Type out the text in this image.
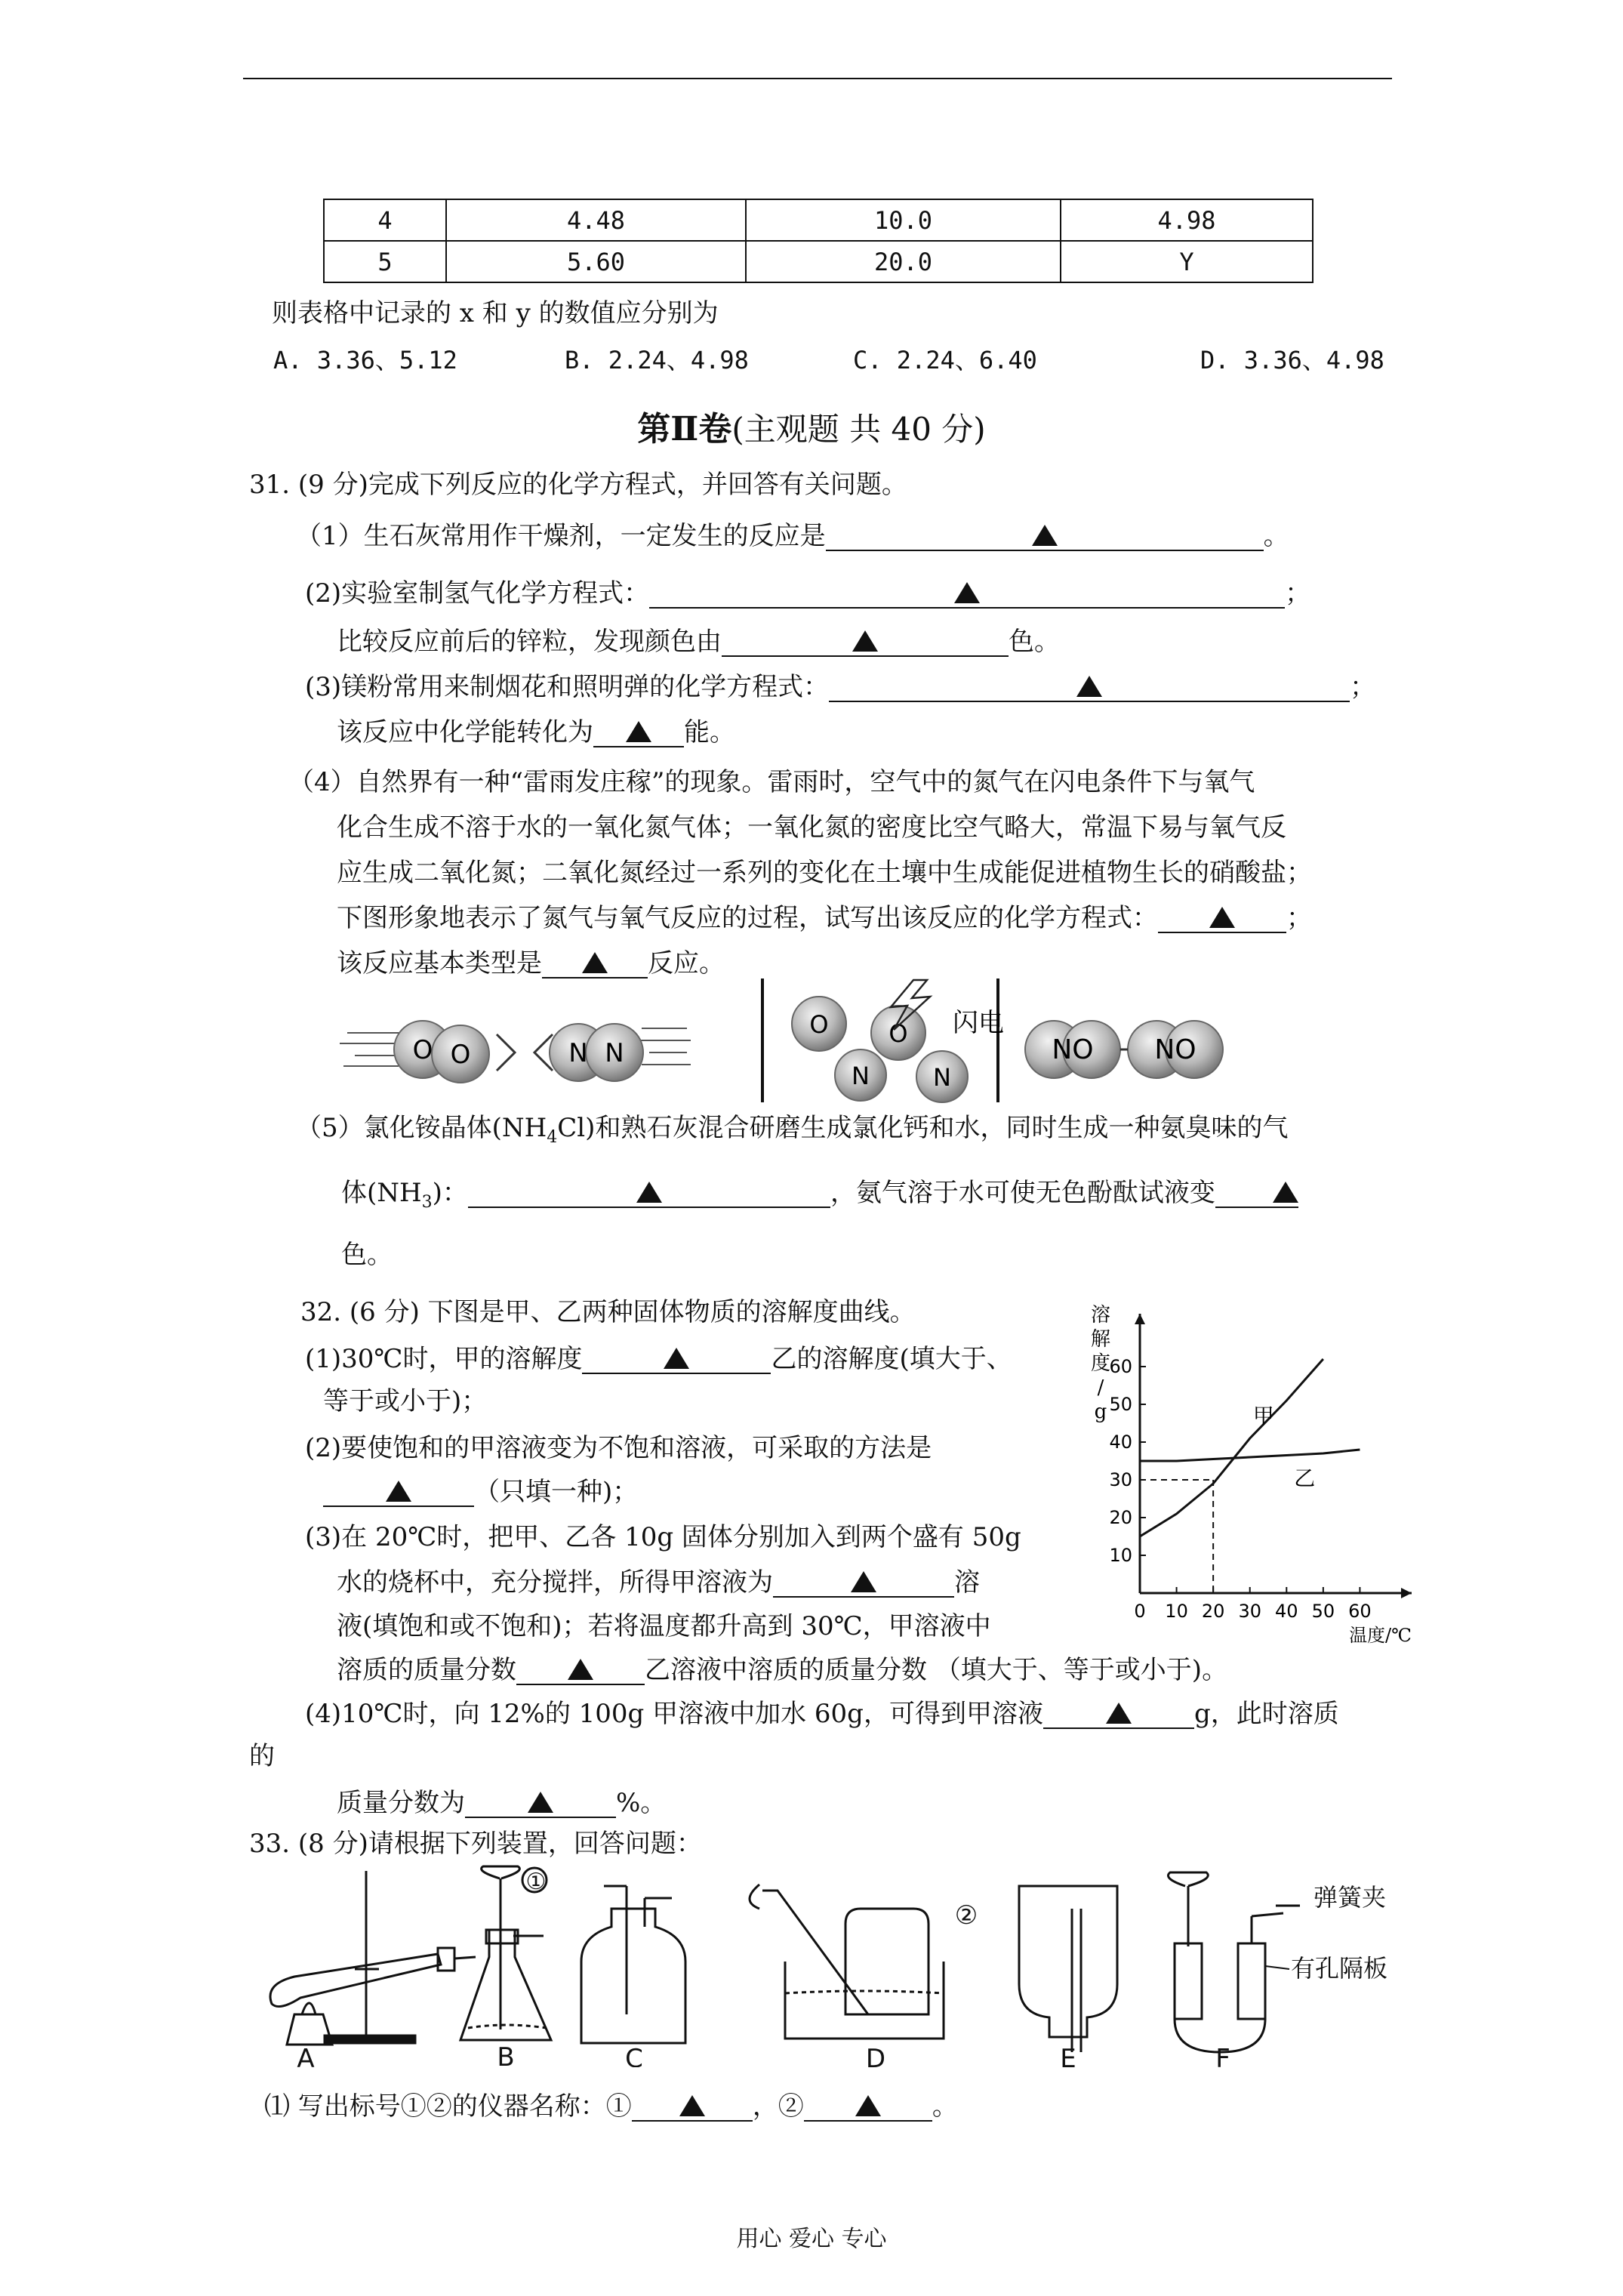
4	4.48	10.0	4.98
5	5.60	20.0	Y
则表格中记录的 x 和 y 的数值应分别为
A. 3.36、5.12	B. 2.24、4.98	C. 2.24、6.40	D. 3.36、4.98
第Ⅱ卷(主观题 共 40 分)
31. (9 分)完成下列反应的化学方程式，并回答有关问题。
（1）生石灰常用作干燥剂，一定发生的反应是	。
(2)实验室制氢气化学方程式：	；
比较反应前后的锌粒，发现颜色由	色。
(3)镁粉常用来制烟花和照明弹的化学方程式：	；
该反应中化学能转化为	能。
（4）自然界有一种“雷雨发庄稼”的现象。雷雨时，空气中的氮气在闪电条件下与氧气
化合生成不溶于水的一氧化氮气体；一氧化氮的密度比空气略大，常温下易与氧气反
应生成二氧化氮；二氧化氮经过一系列的变化在土壤中生成能促进植物生长的硝酸盐；
下图形象地表示了氮气与氧气反应的过程，试写出该反应的化学方程式：	；
该反应基本类型是	反应。
O O	N N
O O
N	N
闪电
NO NO
（5）氯化铵晶体$(NH_4Cl)$和熟石灰混合研磨生成氯化钙和水，同时生成一种氨臭味的气
体$(NH_3)$：	，氨气溶于水可使无色酚酞试液变
色。
32. (6 分) 下图是甲、乙两种固体物质的溶解度曲线。
(1)30℃时，甲的溶解度	乙的溶解度(填大于、
等于或小于)；
(2)要使饱和的甲溶液变为不饱和溶液，可采取的方法是
（只填一种)；
(3)在 20℃时，把甲、乙各 10g 固体分别加入到两个盛有 50g
水的烧杯中，充分搅拌，所得甲溶液为	溶
液(填饱和或不饱和)；若将温度都升高到 30℃，甲溶液中
溶质的质量分数	乙溶液中溶质的质量分数 （填大于、等于或小于)。
(4)10℃时，向 12%的 100g 甲溶液中加水 60g，可得到甲溶液	g，此时溶质
的
质量分数为	%。
0 10 20 30 40 50 60
10
20
30
40
50
60
甲
乙
溶
解
度
/
g
温度/℃
33. (8 分)请根据下列装置，回答问题：
A	B	C	D	E	F
①
②
弹簧夹
有孔隔板
⑴ 写出标号①②的仪器名称：①	，②	。
用心 爱心 专心
